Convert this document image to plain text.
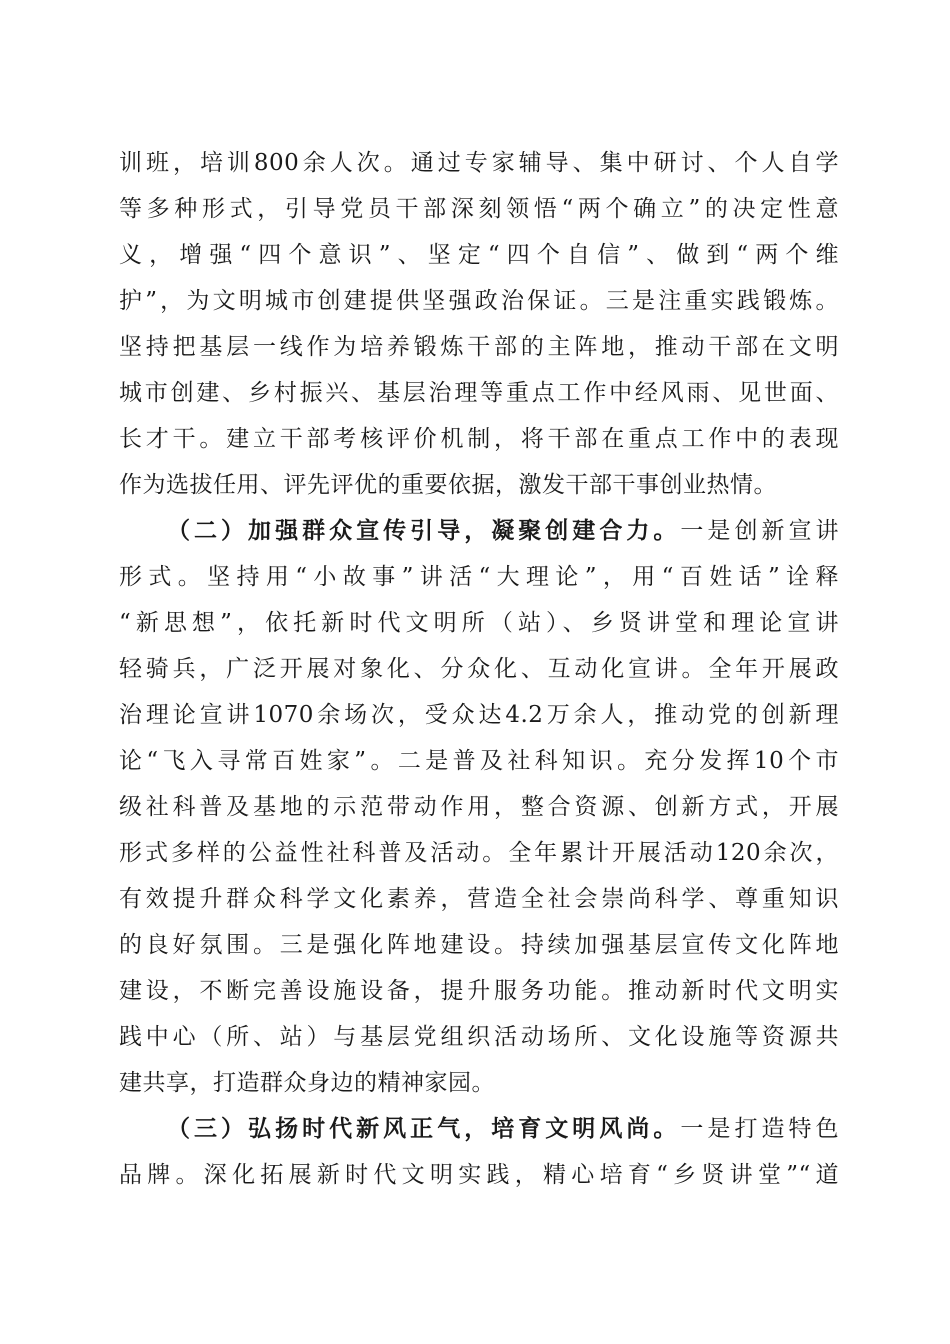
训班，培训800余人次。通过专家辅导、集中研讨、个人自学
等多种形式，引导党员干部深刻领悟“两个确立”的决定性意
义，增强“四个意识”、坚定“四个自信”、做到“两个维
护”，为文明城市创建提供坚强政治保证。三是注重实践锻炼。
坚持把基层一线作为培养锻炼干部的主阵地，推动干部在文明
城市创建、乡村振兴、基层治理等重点工作中经风雨、见世面、
长才干。建立干部考核评价机制，将干部在重点工作中的表现
作为选拔任用、评先评优的重要依据，激发干部干事创业热情。
（二）加强群众宣传引导，凝聚创建合力。一是创新宣讲
形式。坚持用“小故事”讲活“大理论”，用“百姓话”诠释
“新思想”，依托新时代文明所（站）、乡贤讲堂和理论宣讲
轻骑兵，广泛开展对象化、分众化、互动化宣讲。全年开展政
治理论宣讲1070余场次，受众达4.2万余人，推动党的创新理
论“飞入寻常百姓家”。二是普及社科知识。充分发挥10个市
级社科普及基地的示范带动作用，整合资源、创新方式，开展
形式多样的公益性社科普及活动。全年累计开展活动120余次，
有效提升群众科学文化素养，营造全社会崇尚科学、尊重知识
的良好氛围。三是强化阵地建设。持续加强基层宣传文化阵地
建设，不断完善设施设备，提升服务功能。推动新时代文明实
践中心（所、站）与基层党组织活动场所、文化设施等资源共
建共享，打造群众身边的精神家园。
（三）弘扬时代新风正气，培育文明风尚。一是打造特色
品牌。深化拓展新时代文明实践，精心培育“乡贤讲堂”“道
